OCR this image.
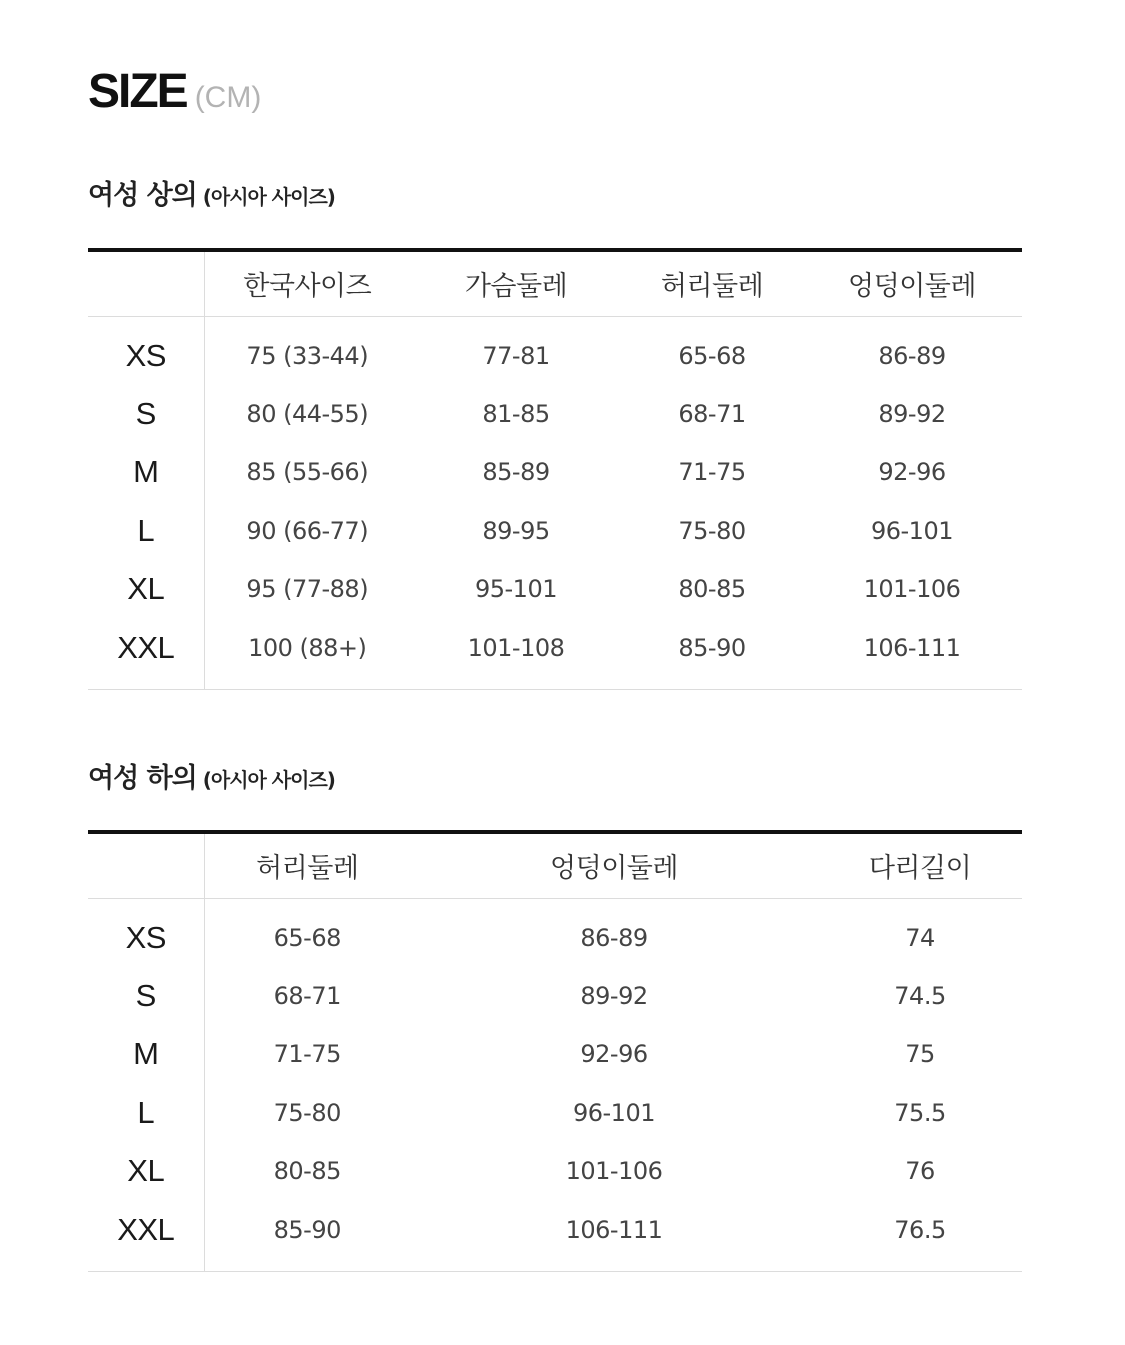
SIZE (CM)
여성 상의 (아시아 사이즈)
	한국사이즈	가슴둘레	허리둘레	엉덩이둘레
XS	75 (33-44)	77-81	65-68	86-89
S	80 (44-55)	81-85	68-71	89-92
M	85 (55-66)	85-89	71-75	92-96
L	90 (66-77)	89-95	75-80	96-101
XL	95 (77-88)	95-101	80-85	101-106
XXL	100 (88+)	101-108	85-90	106-111
여성 하의 (아시아 사이즈)
	허리둘레	엉덩이둘레	다리길이
XS	65-68	86-89	74
S	68-71	89-92	74.5
M	71-75	92-96	75
L	75-80	96-101	75.5
XL	80-85	101-106	76
XXL	85-90	106-111	76.5
